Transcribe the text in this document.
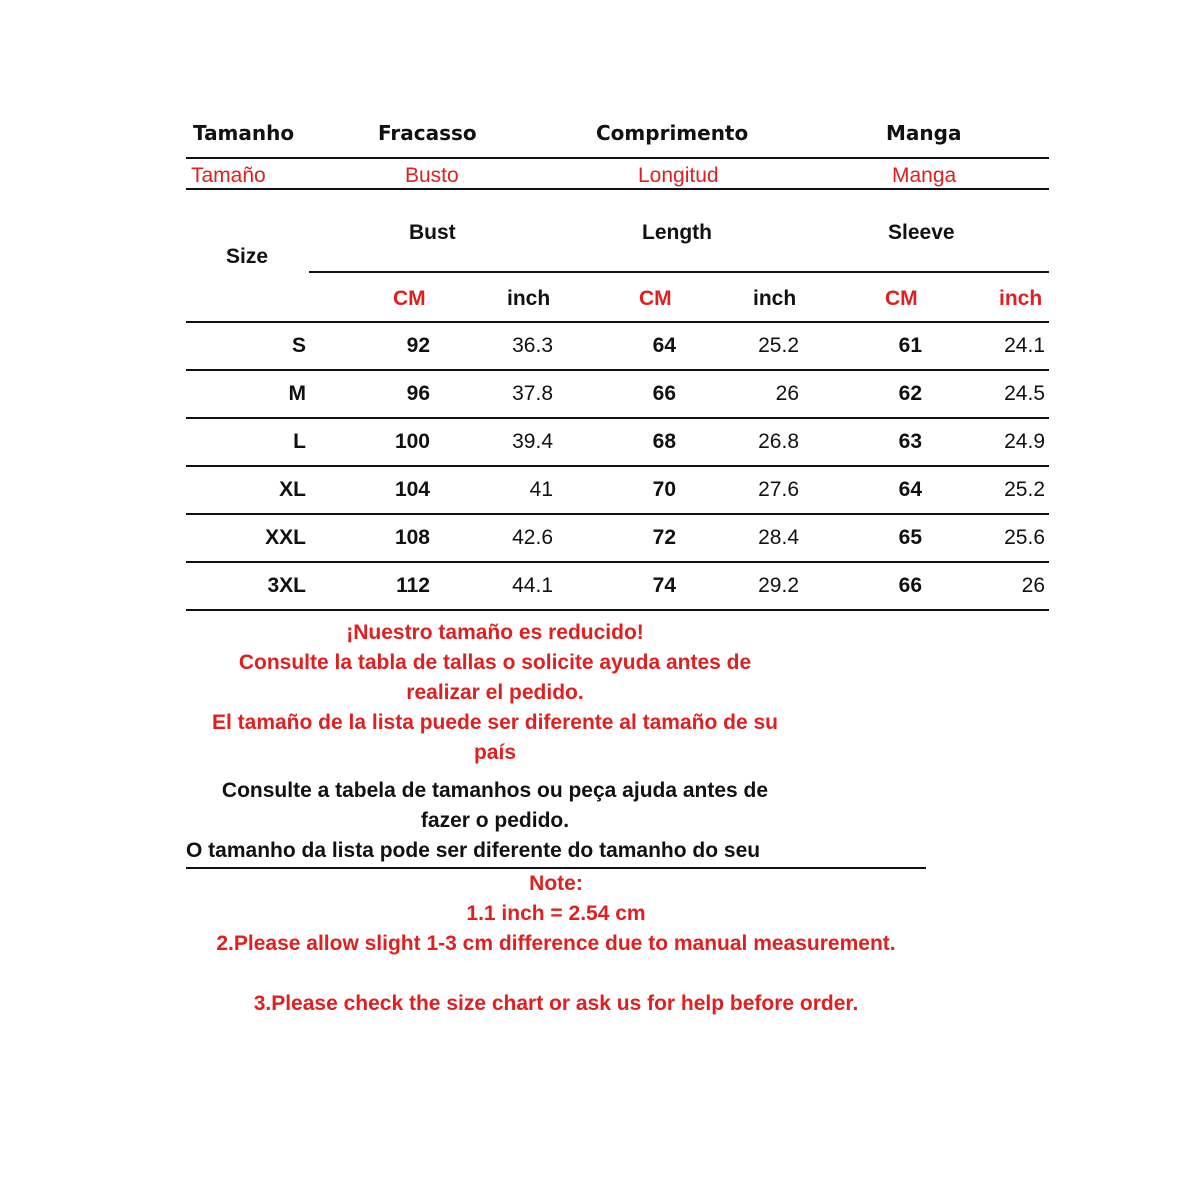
Tamanho	Fracasso	Comprimento	Manga
Tamaño	Busto	Longitud	Manga
Size
Bust	Length	Sleeve
CM	inch	CM	inch	CM	inch
S	92	36.3	64	25.2	61	24.1
M	96	37.8	66	26	62	24.5
L	100	39.4	68	26.8	63	24.9
XL	104	41	70	27.6	64	25.2
XXL	108	42.6	72	28.4	65	25.6
3XL	112	44.1	74	29.2	66	26
¡Nuestro tamaño es reducido!
Consulte la tabla de tallas o solicite ayuda antes de
realizar el pedido.
El tamaño de la lista puede ser diferente al tamaño de su
país
Consulte a tabela de tamanhos ou peça ajuda antes de
fazer o pedido.
O tamanho da lista pode ser diferente do tamanho do seu
Note:
1.1 inch = 2.54 cm
2.Please allow slight 1-3 cm difference due to manual measurement.
3.Please check the size chart or ask us for help before order.
